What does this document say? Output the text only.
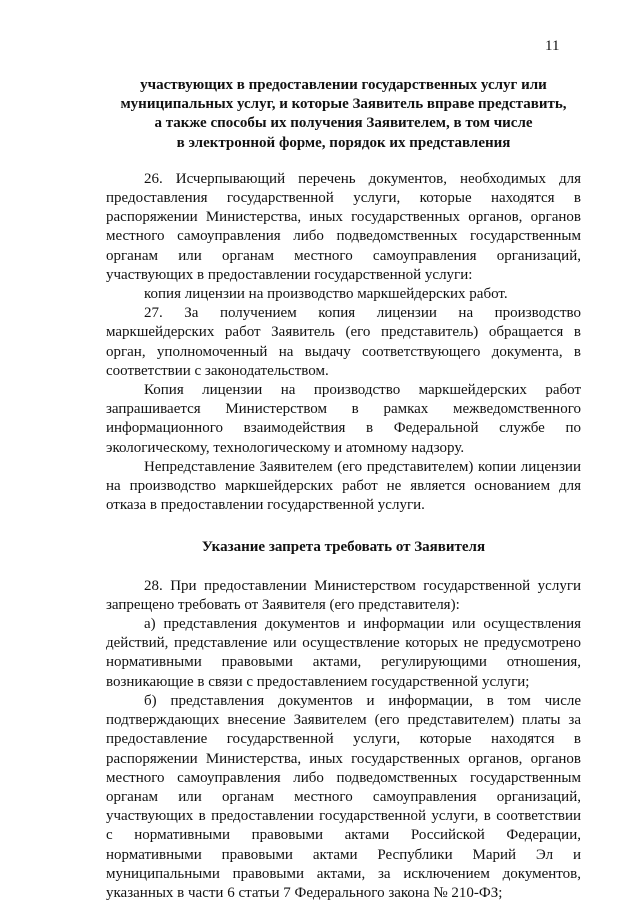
11
участвующих в предоставлении государственных услуг или
муниципальных услуг, и которые Заявитель вправе представить,
а также способы их получения Заявителем, в том числе
в электронной форме, порядок их представления

26. Исчерпывающий перечень документов, необходимых для предоставления государственной услуги, которые находятся в распоряжении Министерства, иных государственных органов, органов местного самоуправления либо подведомственных государственным органам или органам местного самоуправления организаций, участвующих в предоставлении государственной услуги:

копия лицензии на производство маркшейдерских работ.

27. За получением копия лицензии на производство маркшейдерских работ Заявитель (его представитель) обращается в орган, уполномоченный на выдачу соответствующего документа, в соответствии с законодательством.

Копия лицензии на производство маркшейдерских работ запрашивается Министерством в рамках межведомственного информационного взаимодействия в Федеральной службе по экологическому, технологическому и атомному надзору.

Непредставление Заявителем (его представителем) копии лицензии на производство маркшейдерских работ не является основанием для отказа в предоставлении государственной услуги.

Указание запрета требовать от Заявителя

28. При предоставлении Министерством государственной услуги запрещено требовать от Заявителя (его представителя):

а) представления документов и информации или осуществления действий, представление или осуществление которых не предусмотрено нормативными правовыми актами, регулирующими отношения, возникающие в связи с предоставлением государственной услуги;

б) представления документов и информации, в том числе подтверждающих внесение Заявителем (его представителем) платы за предоставление государственной услуги, которые находятся в распоряжении Министерства, иных государственных органов, органов местного самоуправления либо подведомственных государственным органам или органам местного самоуправления организаций, участвующих в предоставлении государственной услуги, в соответствии с нормативными правовыми актами Российской Федерации, нормативными правовыми актами Республики Марий Эл и муниципальными правовыми актами, за исключением документов, указанных в части 6 статьи 7 Федерального закона № 210-ФЗ;
